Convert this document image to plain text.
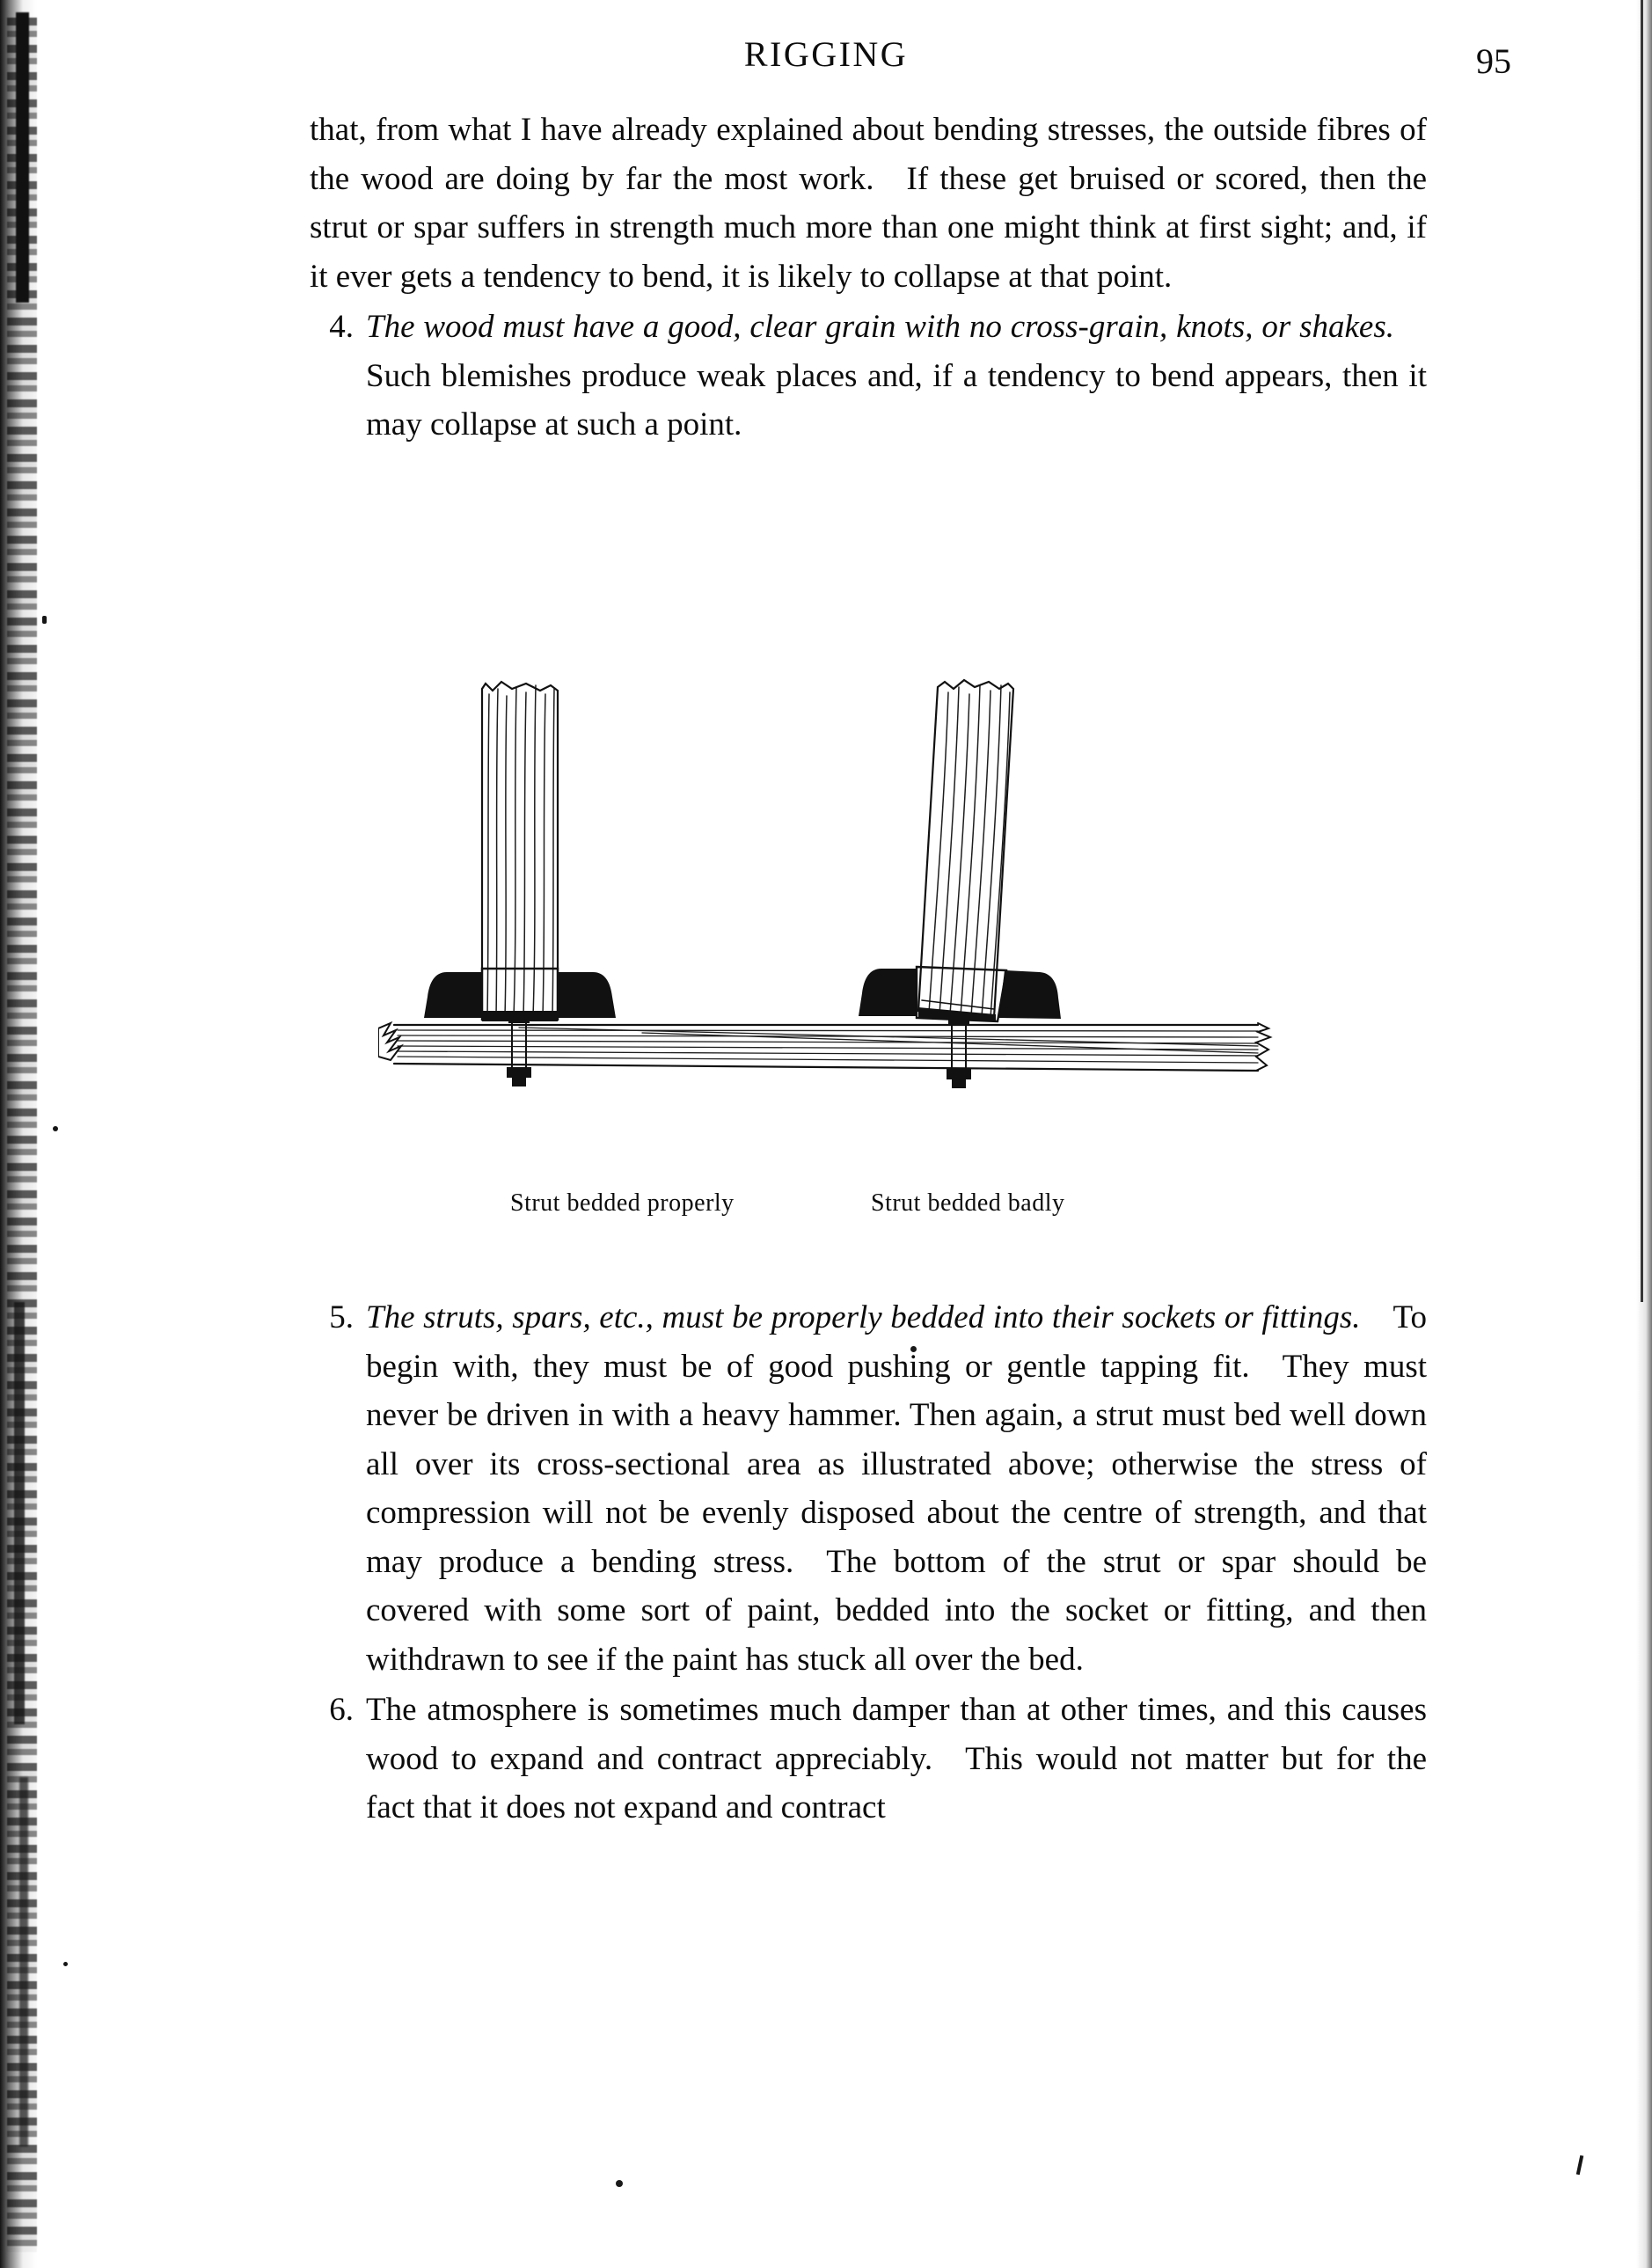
RIGGING	95

that, from what I have already explained about bending stresses, the outside fibres of the wood are doing by far the most work. If these get bruised or scored, then the strut or spar suffers in strength much more than one might think at first sight; and, if it ever gets a tendency to bend, it is likely to collapse at that point.

4. The wood must have a good, clear grain with no cross-grain, knots, or shakes. Such blemishes produce weak places and, if a tendency to bend appears, then it may collapse at such a point.
Strut bedded properly	Strut bedded badly
5. The struts, spars, etc., must be properly bedded into their sockets or fittings. To begin with, they must be of good pushing or gentle tapping fit. They must never be driven in with a heavy hammer. Then again, a strut must bed well down all over its cross-sectional area as illustrated above; otherwise the stress of compression will not be evenly disposed about the centre of strength, and that may produce a bending stress. The bottom of the strut or spar should be covered with some sort of paint, bedded into the socket or fitting, and then withdrawn to see if the paint has stuck all over the bed.
6. The atmosphere is sometimes much damper than at other times, and this causes wood to expand and contract appreciably. This would not matter but for the fact that it does not expand and contract
